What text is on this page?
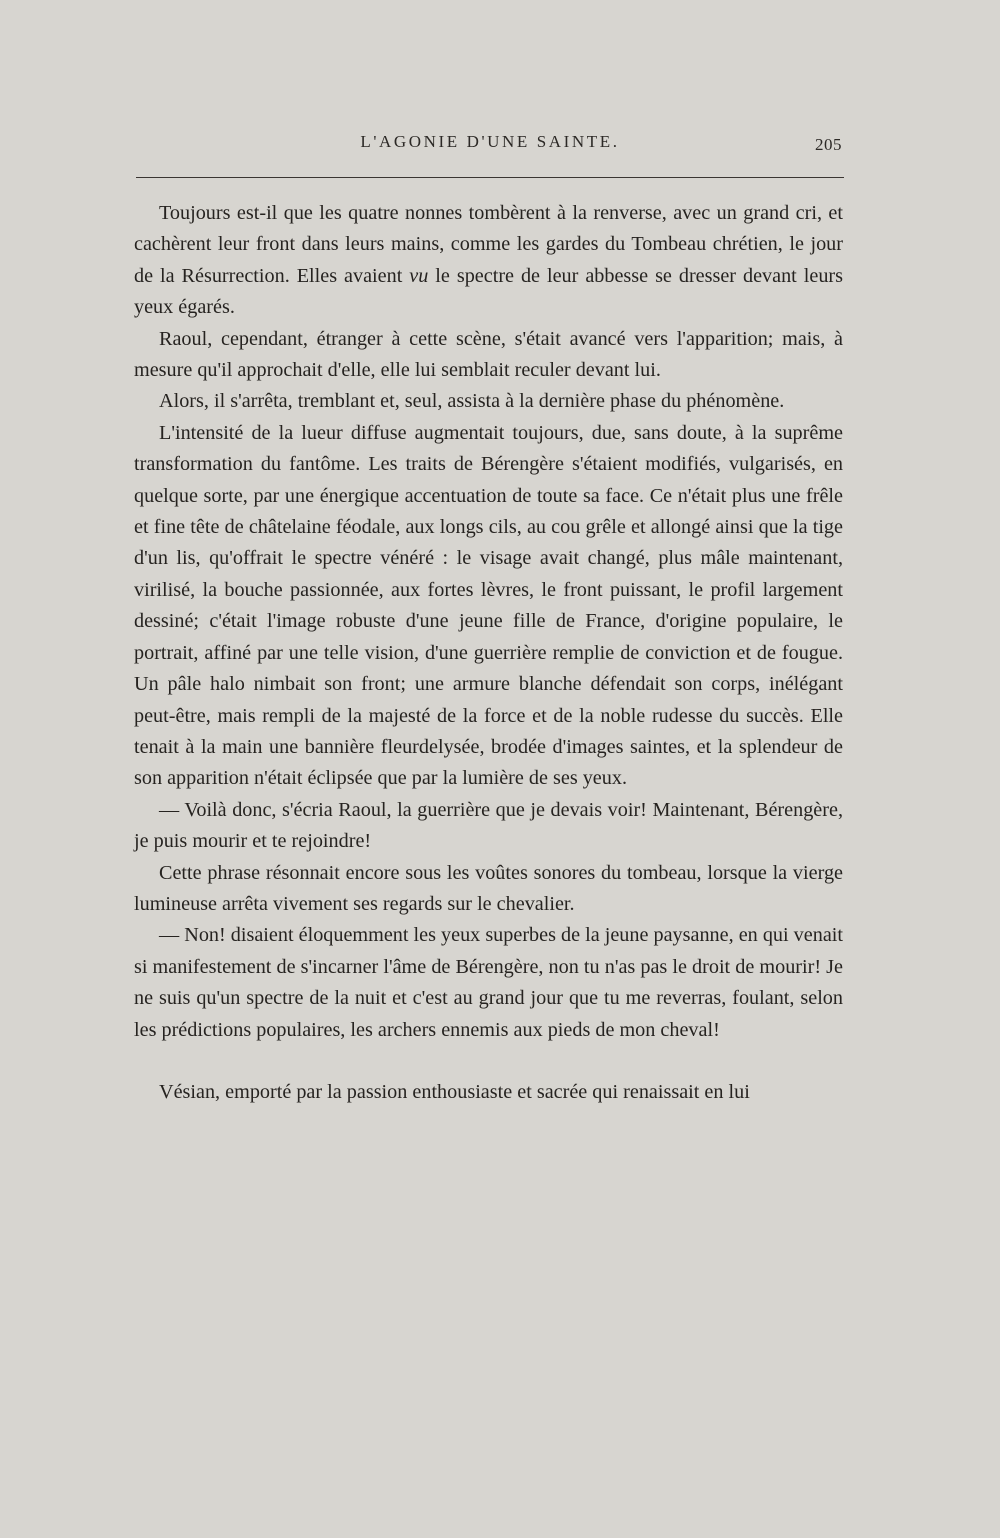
L'AGONIE D'UNE SAINTE.	205

Toujours est-il que les quatre nonnes tombèrent à la renverse, avec un grand cri, et cachèrent leur front dans leurs mains, comme les gardes du Tombeau chrétien, le jour de la Résurrection. Elles avaient vu le spectre de leur abbesse se dresser devant leurs yeux égarés.

Raoul, cependant, étranger à cette scène, s'était avancé vers l'apparition; mais, à mesure qu'il approchait d'elle, elle lui semblait reculer devant lui.

Alors, il s'arrêta, tremblant et, seul, assista à la dernière phase du phénomène.

L'intensité de la lueur diffuse augmentait toujours, due, sans doute, à la suprême transformation du fantôme. Les traits de Bérengère s'étaient modifiés, vulgarisés, en quelque sorte, par une énergique accentuation de toute sa face. Ce n'était plus une frêle et fine tête de châtelaine féodale, aux longs cils, au cou grêle et allongé ainsi que la tige d'un lis, qu'offrait le spectre vénéré : le visage avait changé, plus mâle maintenant, virilisé, la bouche passionnée, aux fortes lèvres, le front puissant, le profil largement dessiné; c'était l'image robuste d'une jeune fille de France, d'origine populaire, le portrait, affiné par une telle vision, d'une guerrière remplie de conviction et de fougue. Un pâle halo nimbait son front; une armure blanche défendait son corps, inélégant peut-être, mais rempli de la majesté de la force et de la noble rudesse du succès. Elle tenait à la main une bannière fleurdelysée, brodée d'images saintes, et la splendeur de son apparition n'était éclipsée que par la lumière de ses yeux.

— Voilà donc, s'écria Raoul, la guerrière que je devais voir! Maintenant, Bérengère, je puis mourir et te rejoindre!

Cette phrase résonnait encore sous les voûtes sonores du tombeau, lorsque la vierge lumineuse arrêta vivement ses regards sur le chevalier.

— Non! disaient éloquemment les yeux superbes de la jeune paysanne, en qui venait si manifestement de s'incarner l'âme de Bérengère, non tu n'as pas le droit de mourir! Je ne suis qu'un spectre de la nuit et c'est au grand jour que tu me reverras, foulant, selon les prédictions populaires, les archers ennemis aux pieds de mon cheval!

Vésian, emporté par la passion enthousiaste et sacrée qui renaissait en lui
